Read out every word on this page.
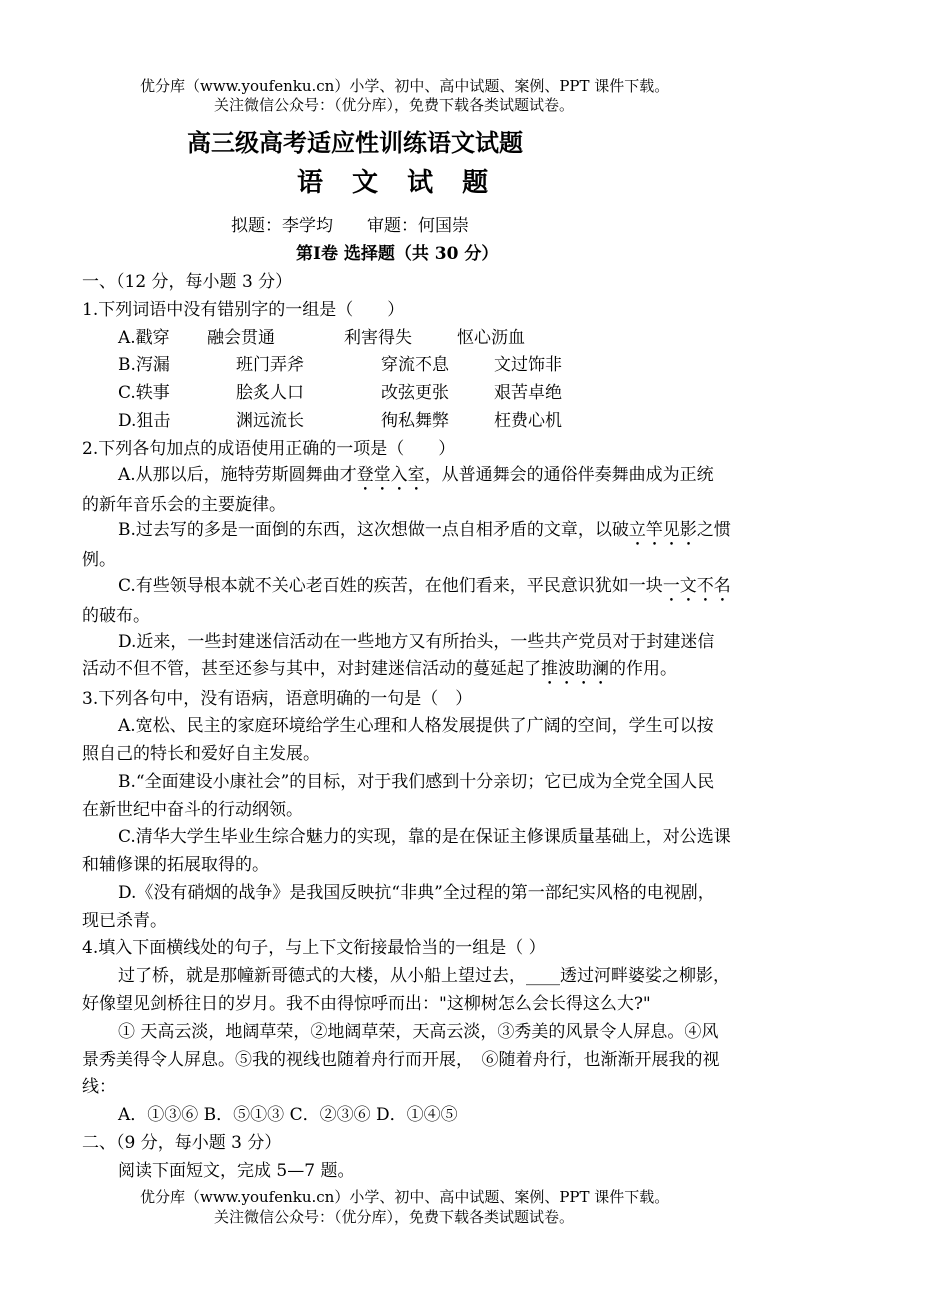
优分库（www.youfenku.cn）小学、初中、高中试题、案例、PPT 课件下载。
关注微信公众号：（优分库），免费下载各类试题试卷。
高三级高考适应性训练语文试题
语 文 试 题
拟题：李学均　　审题：何国崇
第Ⅰ卷 选择题（共 30 分）
一、（12 分，每小题 3 分）
1.下列词语中没有错别字的一组是（　　）
A.戳穿 融会贯通	利害得失	怄心沥血
B.泻漏	班门弄斧	穿流不息	文过饰非
C.轶事	脍炙人口	改弦更张	艰苦卓绝
D.狙击	渊远流长	徇私舞弊	枉费心机
2.下列各句加点的成语使用正确的一项是（　　）
A.从那以后，施特劳斯圆舞曲才登堂入室，从普通舞会的通俗伴奏舞曲成为正统
的新年音乐会的主要旋律。
B.过去写的多是一面倒的东西，这次想做一点自相矛盾的文章，以破立竿见影之惯
例。
C.有些领导根本就不关心老百姓的疾苦，在他们看来，平民意识犹如一块一文不名
的破布。
D.近来，一些封建迷信活动在一些地方又有所抬头，一些共产党员对于封建迷信
活动不但不管，甚至还参与其中，对封建迷信活动的蔓延起了推波助澜的作用。
3.下列各句中，没有语病，语意明确的一句是（　）
A.宽松、民主的家庭环境给学生心理和人格发展提供了广阔的空间，学生可以按
照自己的特长和爱好自主发展。
B.“全面建设小康社会”的目标，对于我们感到十分亲切；它已成为全党全国人民
在新世纪中奋斗的行动纲领。
C.清华大学生毕业生综合魅力的实现，靠的是在保证主修课质量基础上，对公选课
和辅修课的拓展取得的。
D.《没有硝烟的战争》是我国反映抗“非典”全过程的第一部纪实风格的电视剧，
现已杀青。
4.填入下面横线处的句子，与上下文衔接最恰当的一组是（ ）
过了桥，就是那幢新哥德式的大楼，从小船上望过去，____透过河畔婆娑之柳影，
好像望见剑桥往日的岁月。我不由得惊呼而出："这柳树怎么会长得这么大?"
① 天高云淡，地阔草荣，②地阔草荣，天高云淡，③秀美的风景令人屏息。④风
景秀美得令人屏息。⑤我的视线也随着舟行而开展，　⑥随着舟行，也渐渐开展我的视
线：
A．①③⑥ B．⑤①③ C．②③⑥ D．①④⑤
二、（9 分，每小题 3 分）
阅读下面短文，完成 5—7 题。
优分库（www.youfenku.cn）小学、初中、高中试题、案例、PPT 课件下载。
关注微信公众号：（优分库），免费下载各类试题试卷。
